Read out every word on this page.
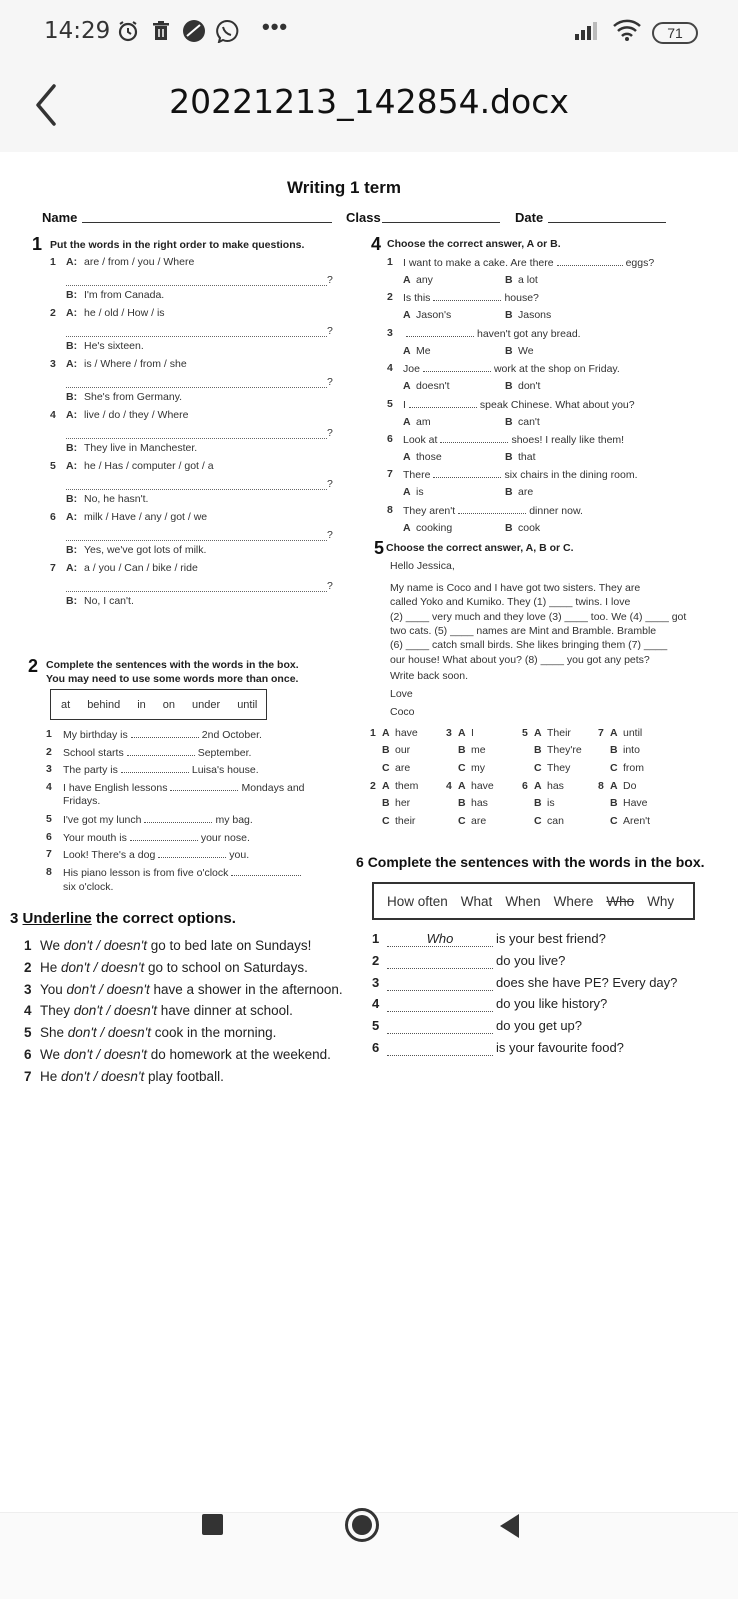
14:29	•••	71
20221213_142854.docx
Writing 1 term
Name	Class	Date
1 Put the words in the right order to make questions.
1 A: are / from / you / Where
?
B: I'm from Canada.
2 A: he / old / How / is
?
B: He's sixteen.
3 A: is / Where / from / she
?
B: She's from Germany.
4 A: live / do / they / Where
?
B: They live in Manchester.
5 A: he / Has / computer / got / a
?
B: No, he hasn't.
6 A: milk / Have / any / got / we
?
B: Yes, we've got lots of milk.
7 A: a / you / Can / bike / ride
?
B: No, I can't.
2 Complete the sentences with the words in the box.
You may need to use some words more than once.
at behind in on under until
1 My birthday is	2nd October.
2 School starts	September.
3 The party is	Luisa's house.
4 I have English lessons	Mondays and
5 I've got my lunch	my bag.
6 Your mouth is	your nose.
7 Look! There's a dog	you.
8 His piano lesson is from five o'clock
Fridays.
six o'clock.
3 Underline the correct options.
1 We don't / doesn't go to bed late on Sundays!
2 He don't / doesn't go to school on Saturdays.
3 You don't / doesn't have a shower in the afternoon.
4 They don't / doesn't have dinner at school.
5 She don't / doesn't cook in the morning.
6 We don't / doesn't do homework at the weekend.
7 He don't / doesn't play football.
4 Choose the correct answer, A or B.
1 I want to make a cake. Are there	eggs?
A any	B a lot
2 Is this	house?
A Jason's	B Jasons
3	haven't got any bread.
A Me	B We
4 Joe	work at the shop on Friday.
A doesn't	B don't
5 I	speak Chinese. What about you?
A am	B can't
6 Look at	shoes! I really like them!
A those	B that
7 There	six chairs in the dining room.
A is	B are
8 They aren't	dinner now.
A cooking	B cook
5 Choose the correct answer, A, B or C.
Hello Jessica,
Write back soon.
Love
Coco
My name is Coco and I have got two sisters. They are
called Yoko and Kumiko. They (1) ____ twins. I love
(2) ____ very much and they love (3) ____ too. We (4) ____ got
two cats. (5) ____ names are Mint and Bramble. Bramble
(6) ____ catch small birds. She likes bringing them (7) ____
our house! What about you? (8) ____ you got any pets?
1 A have
B our
C are
2 A them
B her
C their
3 A I
B me
C my
4 A have
B has
C are
5 A Their
B They're
C They
6 A has
B is
C can
7 A until
B into
C from
8 A Do
B Have
C Aren't
6 Complete the sentences with the words in the box.
How often What When Where Who Why
1	Who	is your best friend?
2	do you live?
3	does she have PE? Every day?
4	do you like history?
5	do you get up?
6	is your favourite food?
